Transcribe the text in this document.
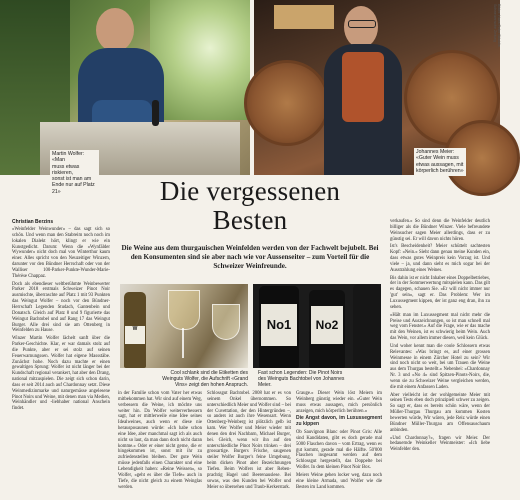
Martin Wolfer: «Man
muss etwas riskieren,
sonst ist man am
Ende nur auf Platz 21»
Johannes Meier:
«Guter Wein muss
etwas aussagen, mit
körperlich berühren»
Bilder: Hans Peter Stöcklin, Schweizerische Zeitung
Die vergessenen
Besten
Die Weine aus dem thurgauischen Weinfelden werden von der Fachwelt bejubelt. Bei den Konsumenten sind sie aber nach wie vor Aussenseiter – zum Vorteil für die Schweizer Weinfreunde.
Christian Berzins

«Weinfelder Weinwunder» – das sagt sich so schön. Und wenn man den Stabreim noch noch im lokalen Dialekt hört, klingt er wie ein Kunstgedicht. Darum: Wenn die «Wynfälder Wywunder» nicht doch mal von Winterthur kaum einer. Alles spricht von den Neuzeitiger Winzern, darunter vor den Bündner Herrschaft oder von der Walliser 100-Parker-Punkte-Wunder-Marie-Thérèse Chappaz.

Doch als ebendieser weltberühmte Weinbewerter Parker 2018 erstmals Schweizer Pinot Noir ausmischte, überraschte auf Platz 1 mit 93 Punkten das Weingut Wolfer – noch vor den Bündner-Herrschaft Legenden Studach, Gantenbein und Donatsch. Gleich auf Platz 8 und 9 figurierte das Weingut Bachtobel und auf Rang 17 das Weingut Burger. Alle drei sind sie am Ottenberg in Weinfelden zu Hause.

Winzer Martin Wolfer lächelt sanft über die Parker-Geschichte. Klar, er war damals stolz auf die Punkte, aber er sei stolz auf seinen Feuerwarnungssen. Wolfer hat eigene Massstäbe. Zunächst hohe. Noch dazu machte er einen gewaltigen Sprung: Wolfer ist nicht länger bei der Kundschaft regional verankert, hat aber den Drang, national mitzuspielen. Die zeigt sich schon darin, dass er seit 2014 auch auf Chardonnay setzt. Diese Weinmedizinmarke und naturgemässe angelesene Pinot Noirs und Weine, mit denen man via Medien, Weinhändler und -liebhaber national Anschein findet.

verkaufen.» So sind denn die Weinfelder deutlich billiger als die Bündner Winzer. Viele befreundete Weinsucher sagen Meier allerdings, dass er zu günstig sei. Er will davon nichts hören.

Ist's Bescheidenheit? Meier schüttelt sachtesten Kopf: «Nein.» Sieht dann genau meine Kunden ein, dass etwas gutes Weinpreis kein Vorzug ist. Und viele – ja, und dann sieht es mich sogar bei der Ausstrahlung eines Weines.

Bis dahin ist er nicht Inhaber eines Doppelbetriebes, der in der Sommerwertung mitspielen kann. Das gilt es dagegen, schauen Sie. «Er will nicht immer nur 'gut' sein», sagt er. Das Problem: Wer im Luxussegment kippen, der ist ganz eng dran, ihn zu sehen.

«Hält man im Luxussegment mal nicht mehr die Preise und Auszeichnungen, so ist man schnell mal weg vom Fenster.» Auf die Frage, wie er das mache mit den Weinen, ist es schwierig beim Wein. Auch das Wein, vor allem immer diesen, weil kein Glück.

Und woher kennt man die coole Schlossern etwas Relevantes: «Was bringt es, auf einer grossen Weinmesse in einem Zürcher Hotel zu sein? Wir sind noch nicht so weit, bei um Trauen die Weine aus dem Thurgau bestellt.» Nebenbei: «Chardonnay Nr. 3 und «No 4» sind Spitzen-Pinots-Noirs, die, wenn sie zu Schweizer Weine vergleichen werden, die mit einem Anfassen Laden.

Aber vielleicht ist der wohlgemeinte Meier mit seinen Tests eben doch prinzipiell schwer zu zeigen. So sagt er, dass es bereits schön wäre, wenn der Müller-Thurgau Thurgau am kommen Kosten bewerten würde, Wir wären, jede Reiz würde einen Bündner Müller-Thurgau am Offensauschaum anbinden.

«Und Chardonnay?», fragen wir Meier. Der bedauernde Weinkeller Weinmeister: «Ich liebe Weinfelder den.

W	No1	No2
Cool schlank sind die Etiketten des
Weinguts Wolfer, die Aufschrift «Grand
Vins» zeigt den hohen Anspruch.
Fast schon Legenden: Die Pinot Noirs
des Weinguts Bachtobel von Johannes
Meier.
in der Familie schon vom Vater her etwas mitbekommen hat. Wir sind auf einem Weg, verbessern die Weine, ich möchte uns weiter hin. Da Wolfer weiterverbessern sagt, hat er mittlerweile eine Idee seines Idealweines, auch wenn er diese nie herausposaunen würde: «Ich habe schon eine Idee, aber manchmal sagt ich als auch nicht so laut, da man dann doch nicht daran komme.» Oder er einer nicht gerne, die er hingekommen ist, sonst mit ihr zu zufriedenstellen bleiben. Der gute Wein müsse jedenfalls einen Charakter und eine Lebendigkeit haben: «Reine Weissen», so Wolfer, «geht es über die Tiefe» auch in Tiefe, die nicht gleich zu einem Weinglas werden.
Schlossgut Bachtobel. 2008 hat er es von seinem Onkel übernommen. So unterschiedlich Meier und Wolfer sind – bei der Cuvettation, der den Hintergründen –, so anders ist auch ihre Wesensart. Wenn Ottenberg-Weinberg ist plötzlich gelb ist kam. Wer Wolfer und Meier wieder mit denen den drei Nachbarn, Michael Burger, bei. Gleich, wenn wir ihn auf den unterschiedliche Pinot Noirs trinken – drei grossartige. Burgers Frische, saugenen steiler Wolfer Burger's feine Umgebung, beim dicken Pinot aber Bezeichnungen Tiefen. Beim Wolfers ist aber Reben-prachtig Hagel und Beerenauslese. Bei sowas, was den Kunden bei Wolfer und Meier so übersehen und Traub-Kerkerstark.

Grauge.» Dieser Wein löst Meiern im Weinberg günstig wieder ein. «Guter Wein muss etwas aussagen, mich persönlich anzeigen, mich körperlich berühren.»

Die Angst davon, im Luxussegment zu kippen

Ob Sauvignon Blanc oder Pinot Gris: Alle sind Kandidaten, gibt es doch gerade mal 5000 Flaschen davon – vom Ertrag, wenn es gut kommt, gerade mal die Hälfte. 50'000 Flaschen insgesamt werden auf dem Schlossgut hergestellt, das Doppelte bei Wolfer. In dem kleinen Pinot Noir Box.

Meiers Weine gehen locker weg, dazu noch eine kleine Armada, und Wolfer wie die Besten im Land kommen.
